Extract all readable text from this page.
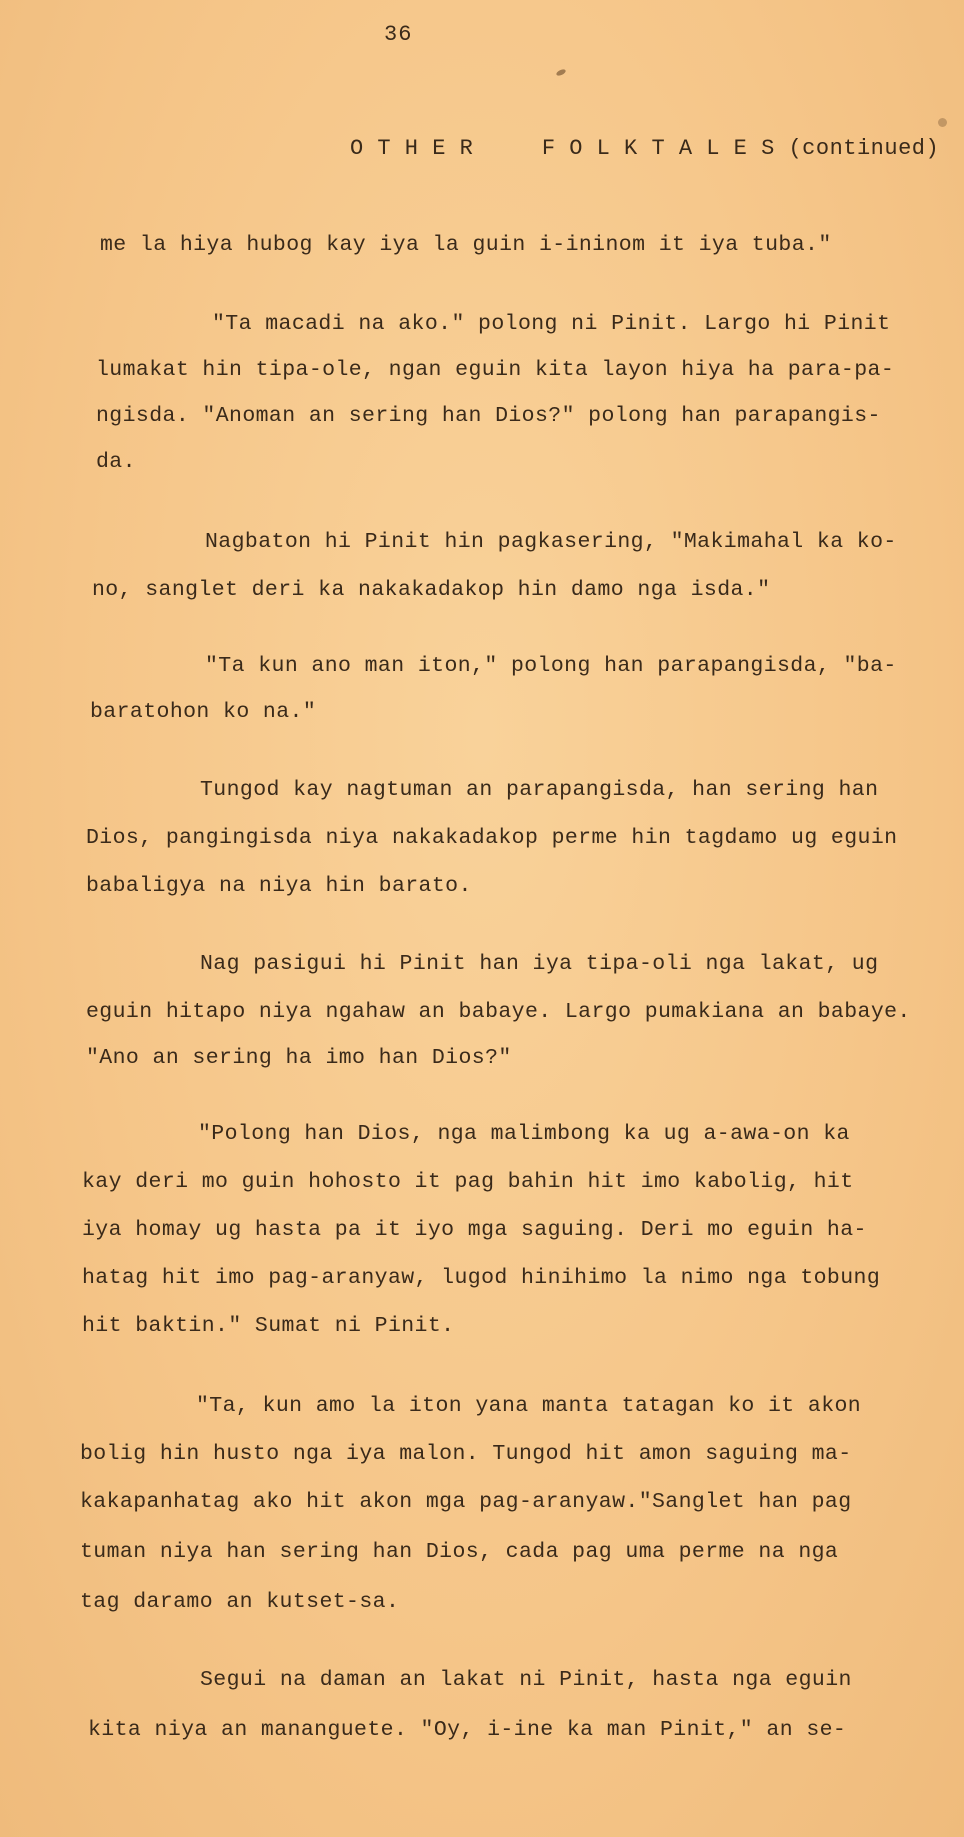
36
O T H E R     F O L K T A L E S (continued)
me la hiya hubog kay iya la guin i-ininom it iya tuba."
"Ta macadi na ako." polong ni Pinit. Largo hi Pinit
lumakat hin tipa-ole, ngan eguin kita layon hiya ha para-pa-
ngisda. "Anoman an sering han Dios?" polong han parapangis-
da.
Nagbaton hi Pinit hin pagkasering, "Makimahal ka ko-
no, sanglet deri ka nakakadakop hin damo nga isda."
"Ta kun ano man iton," polong han parapangisda, "ba-
baratohon ko na."
Tungod kay nagtuman an parapangisda, han sering han
Dios, pangingisda niya nakakadakop perme hin tagdamo ug eguin
babaligya na niya hin barato.
Nag pasigui hi Pinit han iya tipa-oli nga lakat, ug
eguin hitapo niya ngahaw an babaye. Largo pumakiana an babaye.
"Ano an sering ha imo han Dios?"
"Polong han Dios, nga malimbong ka ug a-awa-on ka
kay deri mo guin hohosto it pag bahin hit imo kabolig, hit
iya homay ug hasta pa it iyo mga saguing. Deri mo eguin ha-
hatag hit imo pag-aranyaw, lugod hinihimo la nimo nga tobung
hit baktin." Sumat ni Pinit.
"Ta, kun amo la iton yana manta tatagan ko it akon
bolig hin husto nga iya malon. Tungod hit amon saguing ma-
kakapanhatag ako hit akon mga pag-aranyaw."Sanglet han pag
tuman niya han sering han Dios, cada pag uma perme na nga
tag daramo an kutset-sa.
Segui na daman an lakat ni Pinit, hasta nga eguin
kita niya an mananguete. "Oy, i-ine ka man Pinit," an se-
